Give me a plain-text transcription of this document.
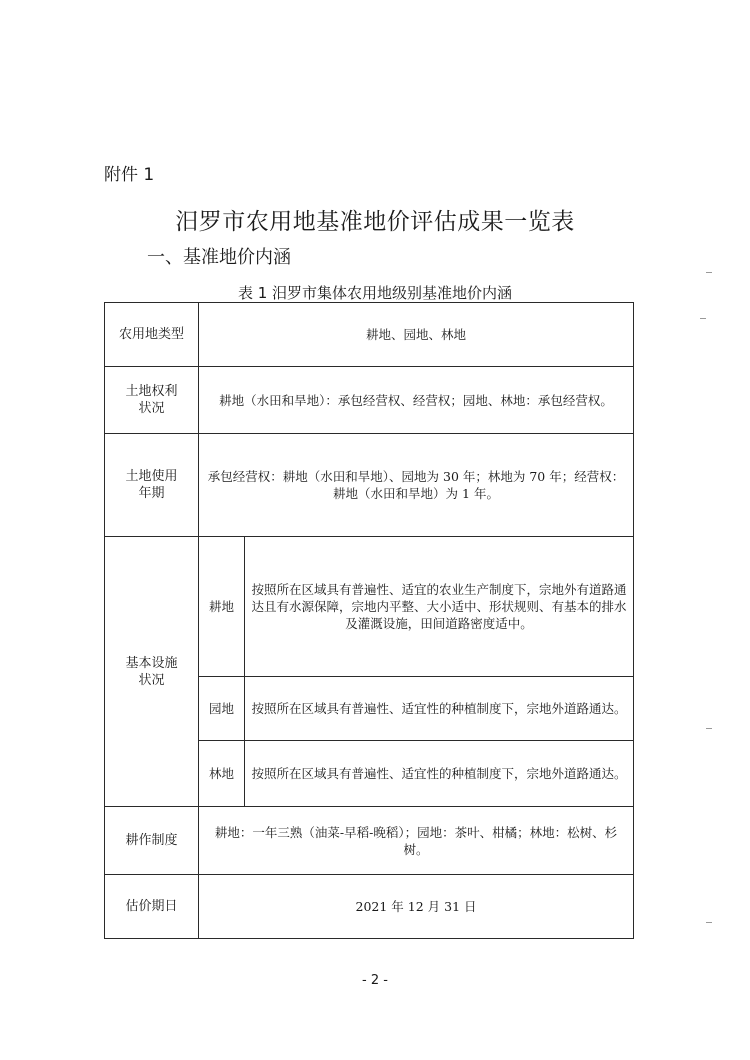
附件 1
汨罗市农用地基准地价评估成果一览表
一、基准地价内涵
表 1 汨罗市集体农用地级别基准地价内涵
农用地类型	耕地、园地、林地	
土地权利
状况	耕地（水田和旱地）：承包经营权、经营权；园地、林地：承包经营权。	
土地使用
年期	承包经营权：耕地（水田和旱地）、园地为 30 年；林地为 70 年；经营权：耕地（水田和旱地）为 1 年。	
基本设施
状况	耕地	按照所在区域具有普遍性、适宜的农业生产制度下，宗地外有道路通达且有水源保障，宗地内平整、大小适中、形状规则、有基本的排水及灌溉设施，田间道路密度适中。
	园地	按照所在区域具有普遍性、适宜性的种植制度下，宗地外道路通达。
	林地	按照所在区域具有普遍性、适宜性的种植制度下，宗地外道路通达。
耕作制度	耕地：一年三熟（油菜-早稻-晚稻）；园地：茶叶、柑橘；林地：松树、杉树。	
估价期日	2021 年 12 月 31 日	
- 2 -
